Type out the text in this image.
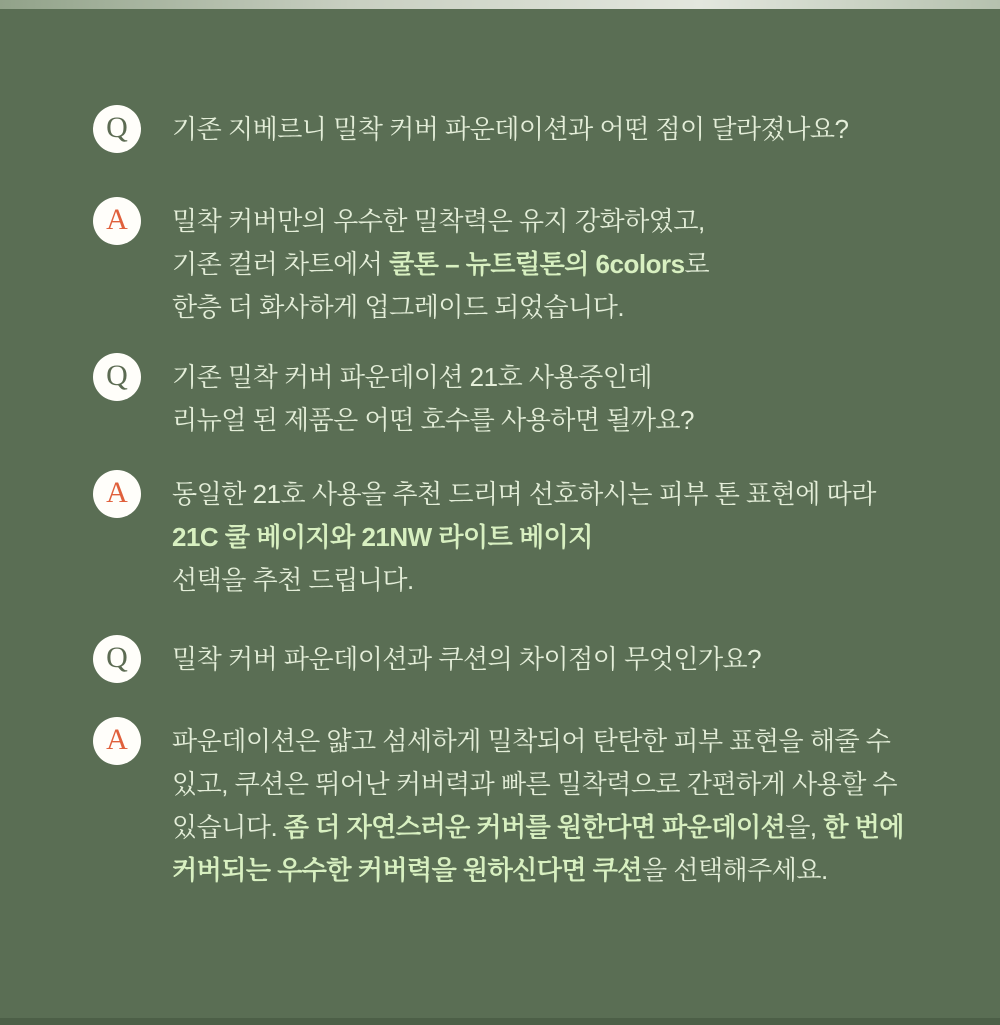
Q	기존 지베르니 밀착 커버 파운데이션과 어떤 점이 달라졌나요?
A	밀착 커버만의 우수한 밀착력은 유지 강화하였고,
기존 컬러 차트에서 쿨톤 – 뉴트럴톤의 6colors로
한층 더 화사하게 업그레이드 되었습니다.
Q	기존 밀착 커버 파운데이션 21호 사용중인데
리뉴얼 된 제품은 어떤 호수를 사용하면 될까요?
A	동일한 21호 사용을 추천 드리며 선호하시는 피부 톤 표현에 따라
21C 쿨 베이지와 21NW 라이트 베이지
선택을 추천 드립니다.
Q	밀착 커버 파운데이션과 쿠션의 차이점이 무엇인가요?
A	파운데이션은 얇고 섬세하게 밀착되어 탄탄한 피부 표현을 해줄 수
있고, 쿠션은 뛰어난 커버력과 빠른 밀착력으로 간편하게 사용할 수
있습니다. 좀 더 자연스러운 커버를 원한다면 파운데이션을, 한 번에
커버되는 우수한 커버력을 원하신다면 쿠션을 선택해주세요.
